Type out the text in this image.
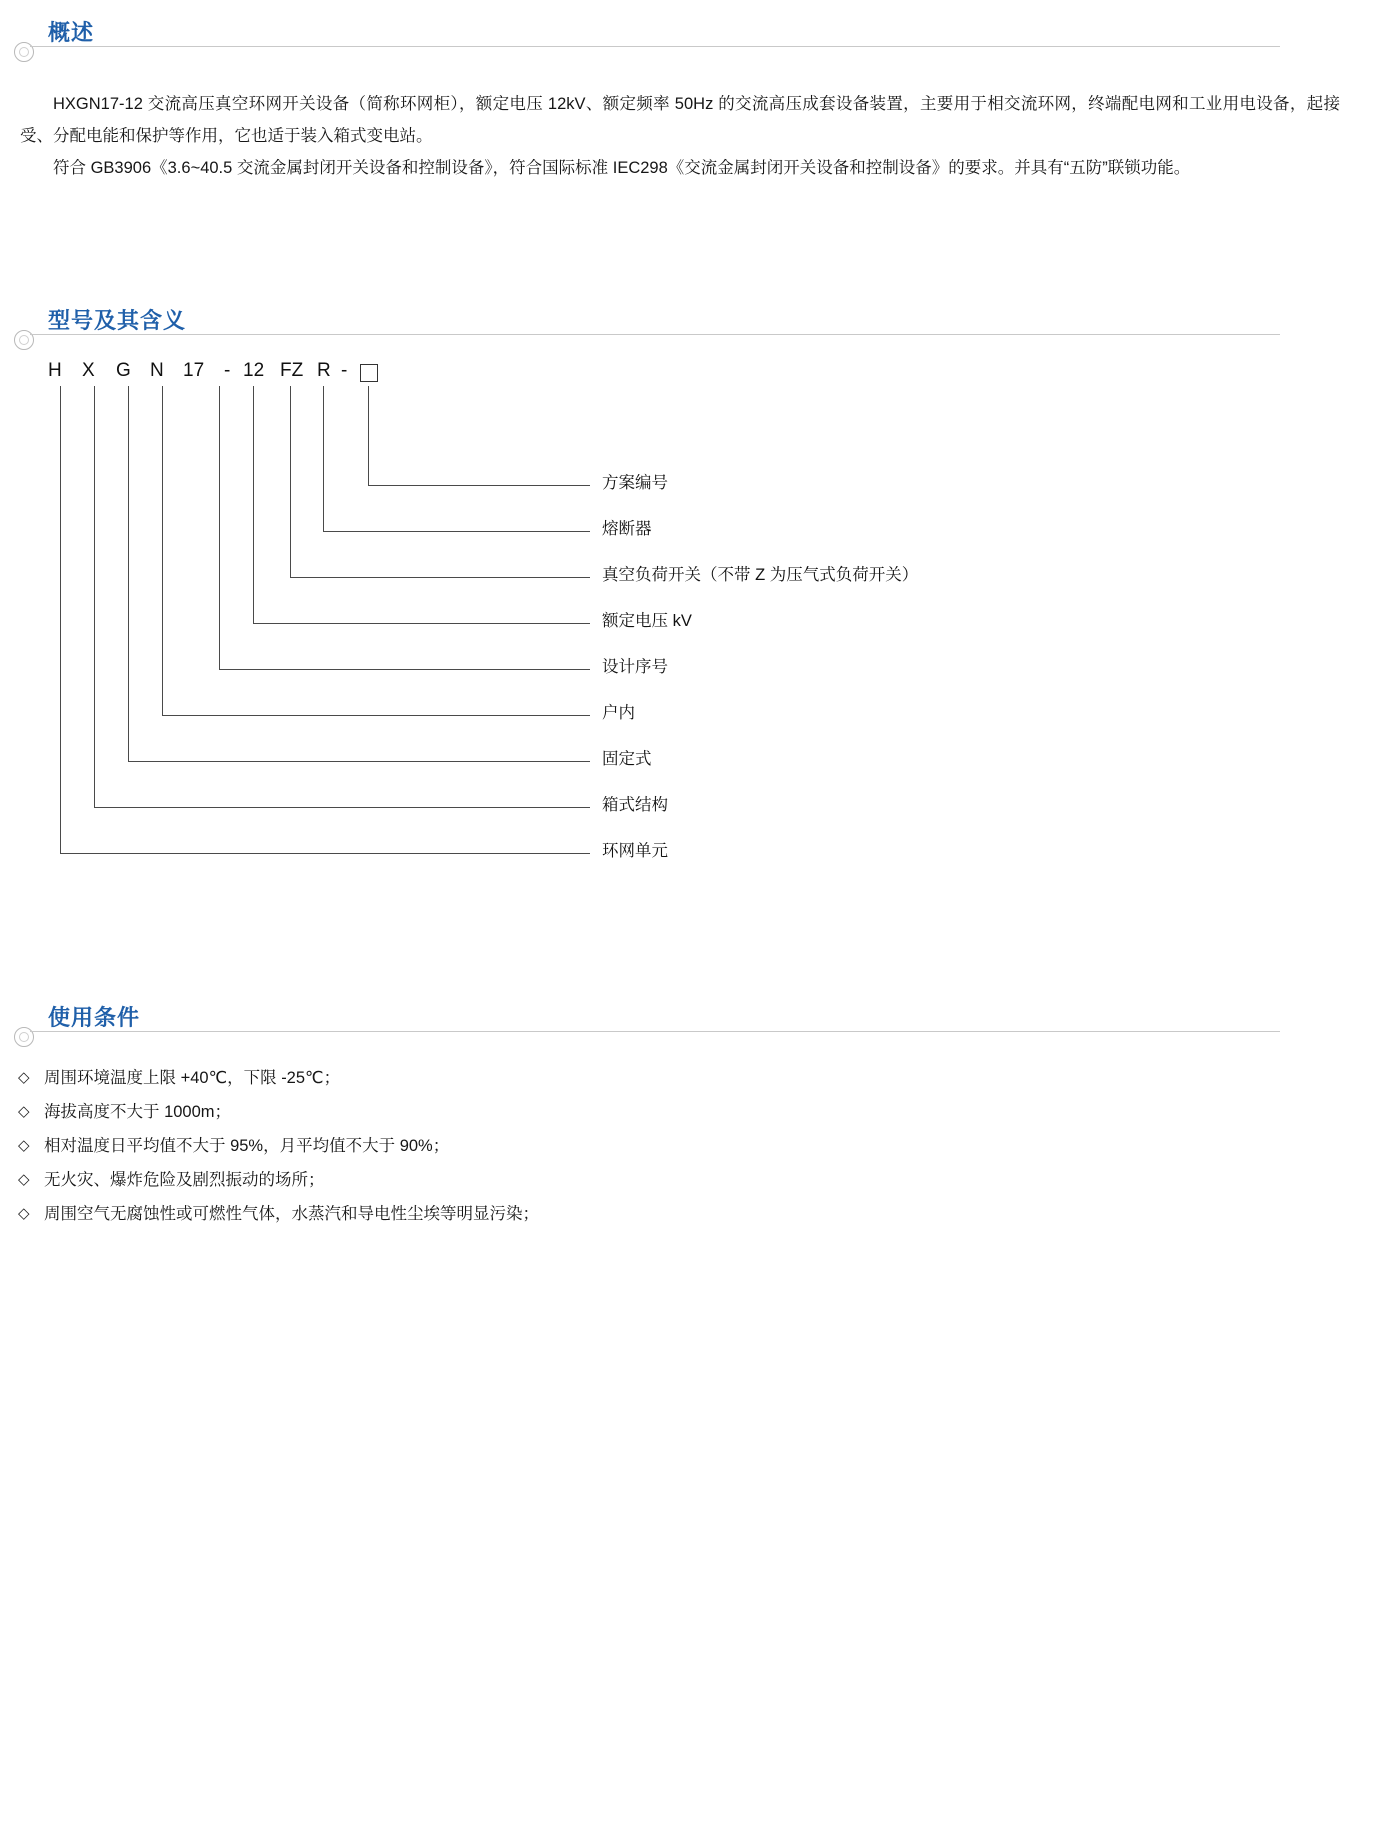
概述
HXGN17-12 交流高压真空环网开关设备（简称环网柜），额定电压 12kV、额定频率 50Hz 的交流高压成套设备装置，主要用于相交流环网，终端配电网和工业用电设备，起接受、分配电能和保护等作用，它也适于装入箱式变电站。
符合 GB3906《3.6~40.5 交流金属封闭开关设备和控制设备》，符合国际标准 IEC298《交流金属封闭开关设备和控制设备》的要求。并具有“五防”联锁功能。
型号及其含义
H X G N 17 - 12 FZ R -
方案编号
熔断器
真空负荷开关（不带 Z 为压气式负荷开关）
额定电压 kV
设计序号
户内
固定式
箱式结构
环网单元
使用条件
◇ 周围环境温度上限 +40℃，下限 -25℃；
◇ 海拔高度不大于 1000m；
◇ 相对温度日平均值不大于 95%，月平均值不大于 90%；
◇ 无火灾、爆炸危险及剧烈振动的场所；
◇ 周围空气无腐蚀性或可燃性气体，水蒸汽和导电性尘埃等明显污染；
